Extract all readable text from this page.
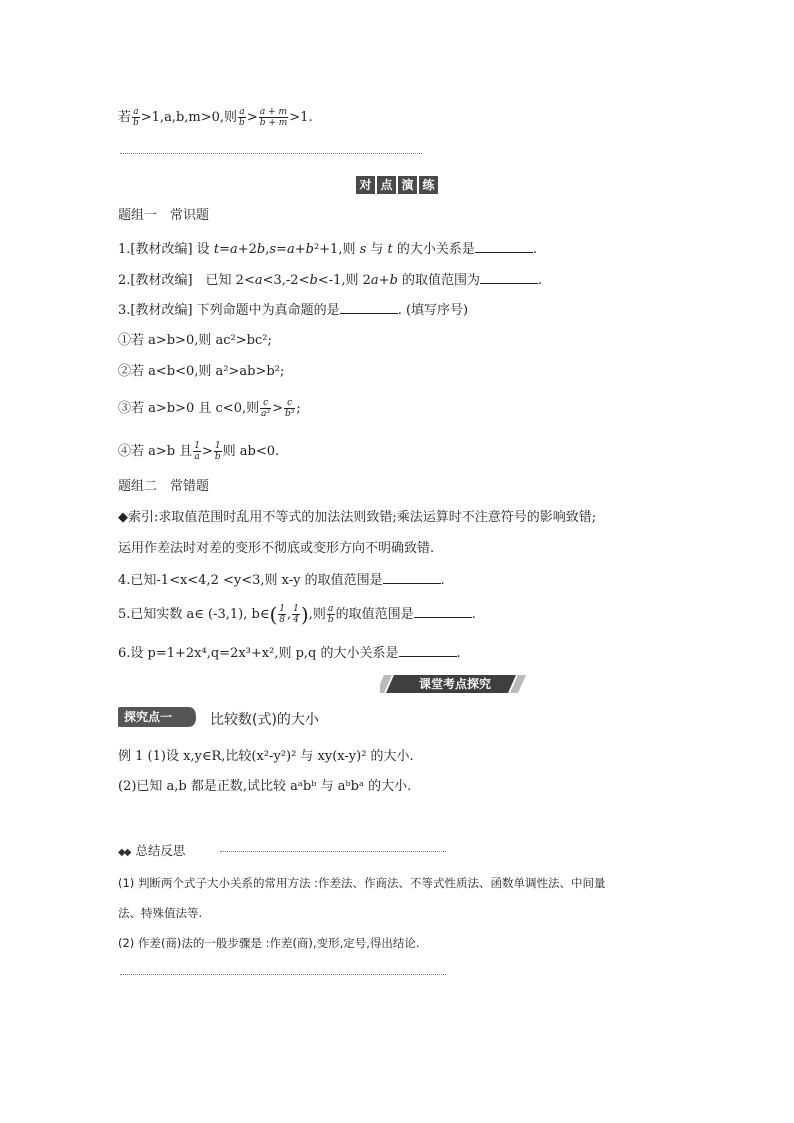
若 $\frac{a}{b} >1,a,b,m>0$,则 $\frac{a}{b} > \frac{a + m}{b + m} >1$.
对 点 演 练
题组一　常识题
1.[教材改编] 设 t=a+2b,s=a+b²+1,则 s 与 t 的大小关系是	.
2.[教材改编]　已知 2<a<3,-2<b<-1,则 2a+b 的取值范围为	.
3.[教材改编] 下列命题中为真命题的是	. (填写序号)
①若 a>b>0,则 ac²>bc²;
②若 a<b<0,则 a²>ab>b²;
③若 a>b>0 且 c<0,则 $\frac{c}{\text{a³}} > \frac{c}{\text{b³}}$ ;
④若 a>b 且 $\frac{1}{a} > \frac{1}{b}$ 则 ab<0.
题组二　常错题
◆索引:求取值范围时乱用不等式的加法法则致错;乘法运算时不注意符号的影响致错;
运用作差法时对差的变形不彻底或变形方向不明确致错.
4.已知-1<x<4,2 <y<3,则 x-y 的取值范围是	.
5.已知实数 a∈ (-3,1), b∈( $\frac{1}{8}$ , $\frac{1}{4}$ ),则 $\frac{a}{b}$ 的取值范围是	.
6.设 p=1+2x⁴,q=2x³+x²,则 p,q 的大小关系是	.
课堂考点探究
探究点一	比较数(式)的大小
例 1 (1)设 x,y∈R,比较(x²-y²)² 与 xy(x-y)² 的大小.
(2)已知 a,b 都是正数,试比较 aᵃbᵇ 与 aᵇbᵃ 的大小.
◆◆ 总结反思
(1) 判断两个式子大小关系的常用方法 :作差法、作商法、不等式性质法、函数单调性法、中间量
法、特殊值法等.
(2) 作差(商)法的一般步骤是 :作差(商),变形,定号,得出结论.
